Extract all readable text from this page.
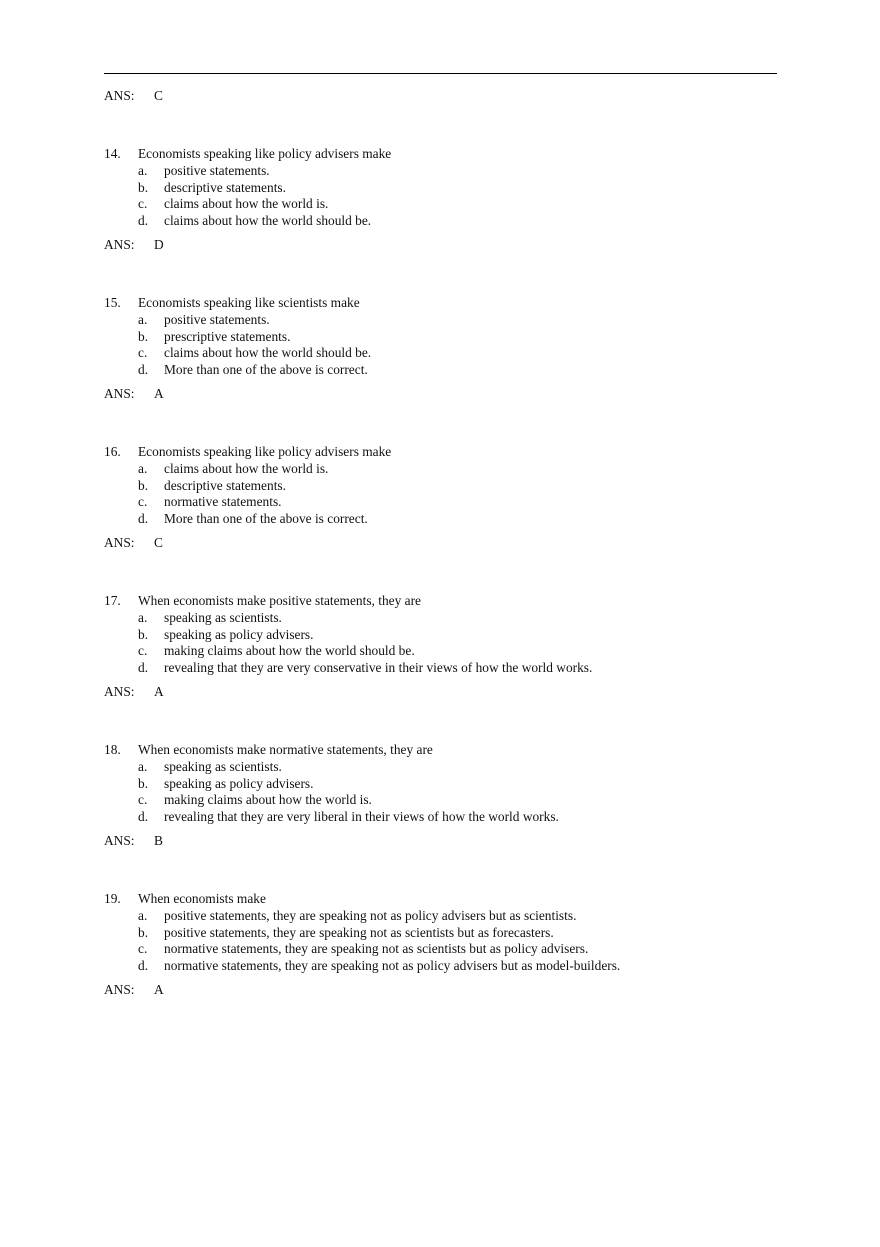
ANS: C
14. Economists speaking like policy advisers make
a. positive statements.
b. descriptive statements.
c. claims about how the world is.
d. claims about how the world should be.
ANS: D
15. Economists speaking like scientists make
a. positive statements.
b. prescriptive statements.
c. claims about how the world should be.
d. More than one of the above is correct.
ANS: A
16. Economists speaking like policy advisers make
a. claims about how the world is.
b. descriptive statements.
c. normative statements.
d. More than one of the above is correct.
ANS: C
17. When economists make positive statements, they are
a. speaking as scientists.
b. speaking as policy advisers.
c. making claims about how the world should be.
d. revealing that they are very conservative in their views of how the world works.
ANS: A
18. When economists make normative statements, they are
a. speaking as scientists.
b. speaking as policy advisers.
c. making claims about how the world is.
d. revealing that they are very liberal in their views of how the world works.
ANS: B
19. When economists make
a. positive statements, they are speaking not as policy advisers but as scientists.
b. positive statements, they are speaking not as scientists but as forecasters.
c. normative statements, they are speaking not as scientists but as policy advisers.
d. normative statements, they are speaking not as policy advisers but as model-builders.
ANS: A
